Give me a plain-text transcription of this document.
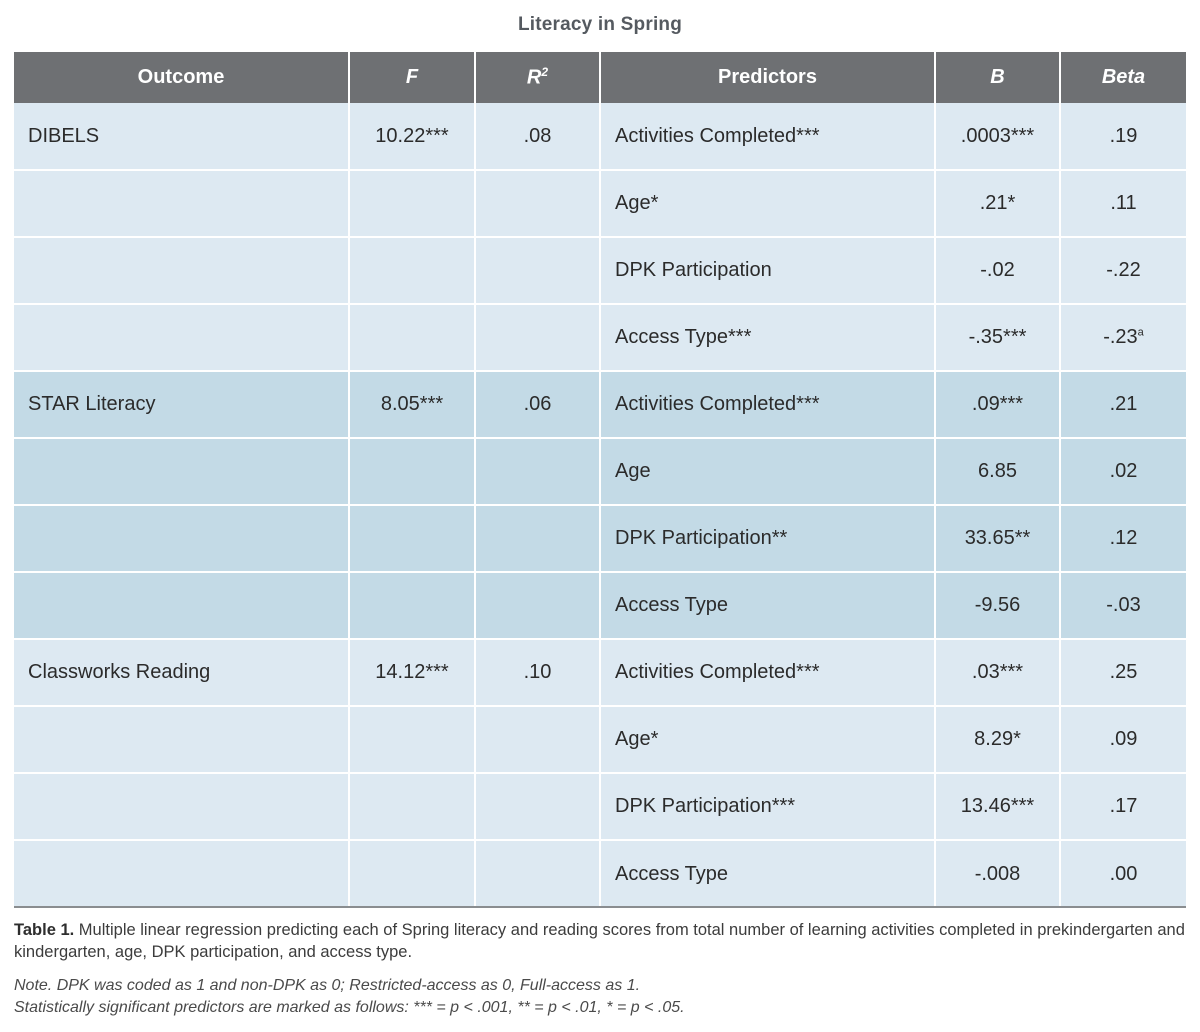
Literacy in Spring
Outcome	F	$R^2$	Predictors	B	Beta
DIBELS	10.22***	.08	Activities Completed***	.0003***	.19
			Age*	.21*	.11
			DPK Participation	-.02	-.22
			Access Type***	-.35***	-.23$^a$
STAR Literacy	8.05***	.06	Activities Completed***	.09***	.21
			Age	6.85	.02
			DPK Participation**	33.65**	.12
			Access Type	-9.56	-.03
Classworks Reading	14.12***	.10	Activities Completed***	.03***	.25
			Age*	8.29*	.09
			DPK Participation***	13.46***	.17
			Access Type	-.008	.00
Table 1. Multiple linear regression predicting each of Spring literacy and reading scores from total number of learning activities completed in prekindergarten and kindergarten, age, DPK participation, and access type.
Note. DPK was coded as 1 and non-DPK as 0; Restricted-access as 0, Full-access as 1.
Statistically significant predictors are marked as follows: *** = p < .001, ** = p < .01, * = p < .05.
